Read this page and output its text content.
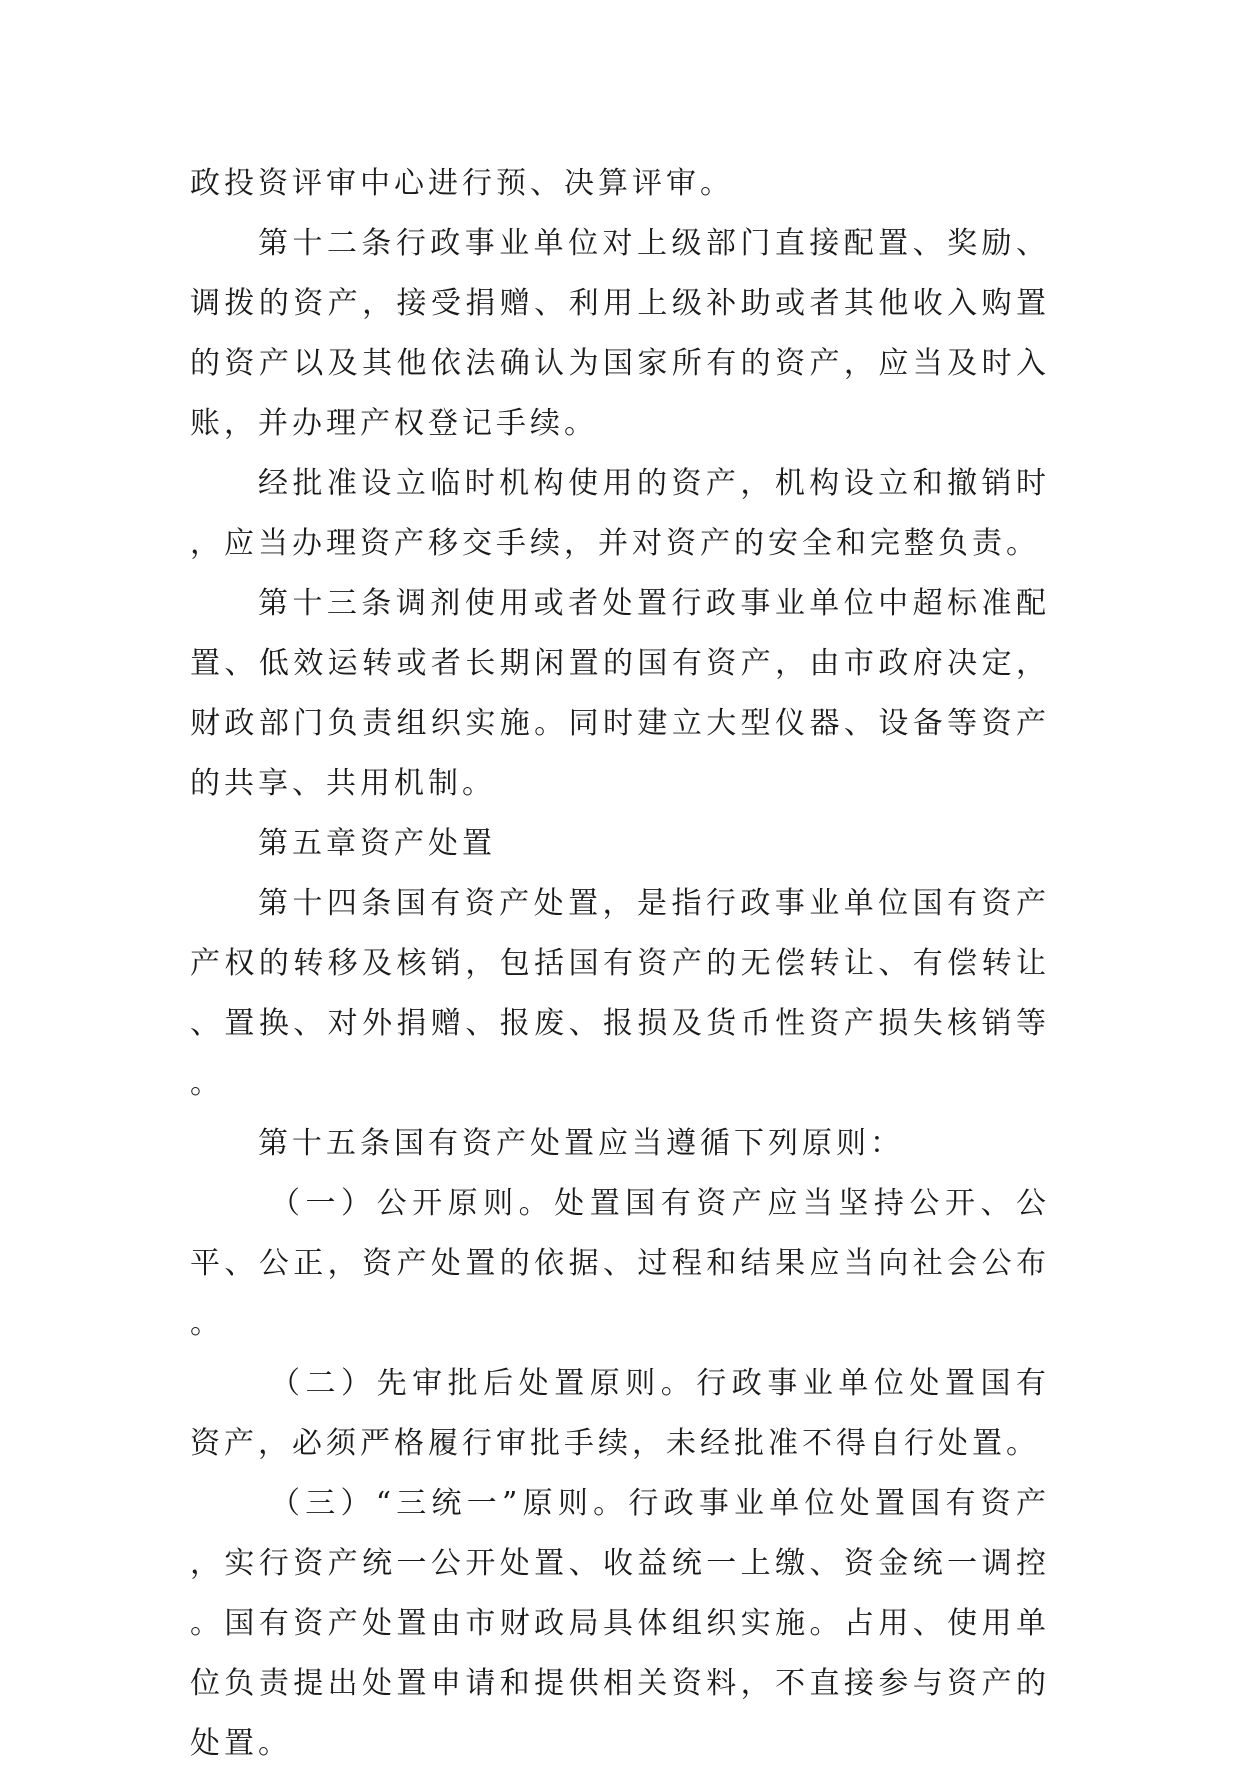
政投资评审中心进行预、决算评审。

第十二条行政事业单位对上级部门直接配置、奖励、调拨的资产，接受捐赠、利用上级补助或者其他收入购置的资产以及其他依法确认为国家所有的资产，应当及时入账，并办理产权登记手续。

经批准设立临时机构使用的资产，机构设立和撤销时，应当办理资产移交手续，并对资产的安全和完整负责。

第十三条调剂使用或者处置行政事业单位中超标准配置、低效运转或者长期闲置的国有资产，由市政府决定，财政部门负责组织实施。同时建立大型仪器、设备等资产的共享、共用机制。

第五章资产处置

第十四条国有资产处置，是指行政事业单位国有资产产权的转移及核销，包括国有资产的无偿转让、有偿转让、置换、对外捐赠、报废、报损及货币性资产损失核销等。

第十五条国有资产处置应当遵循下列原则：

（一）公开原则。处置国有资产应当坚持公开、公平、公正，资产处置的依据、过程和结果应当向社会公布。

（二）先审批后处置原则。行政事业单位处置国有资产，必须严格履行审批手续，未经批准不得自行处置。

（三）“三统一”原则。行政事业单位处置国有资产，实行资产统一公开处置、收益统一上缴、资金统一调控。国有资产处置由市财政局具体组织实施。占用、使用单位负责提出处置申请和提供相关资料，不直接参与资产的处置。
